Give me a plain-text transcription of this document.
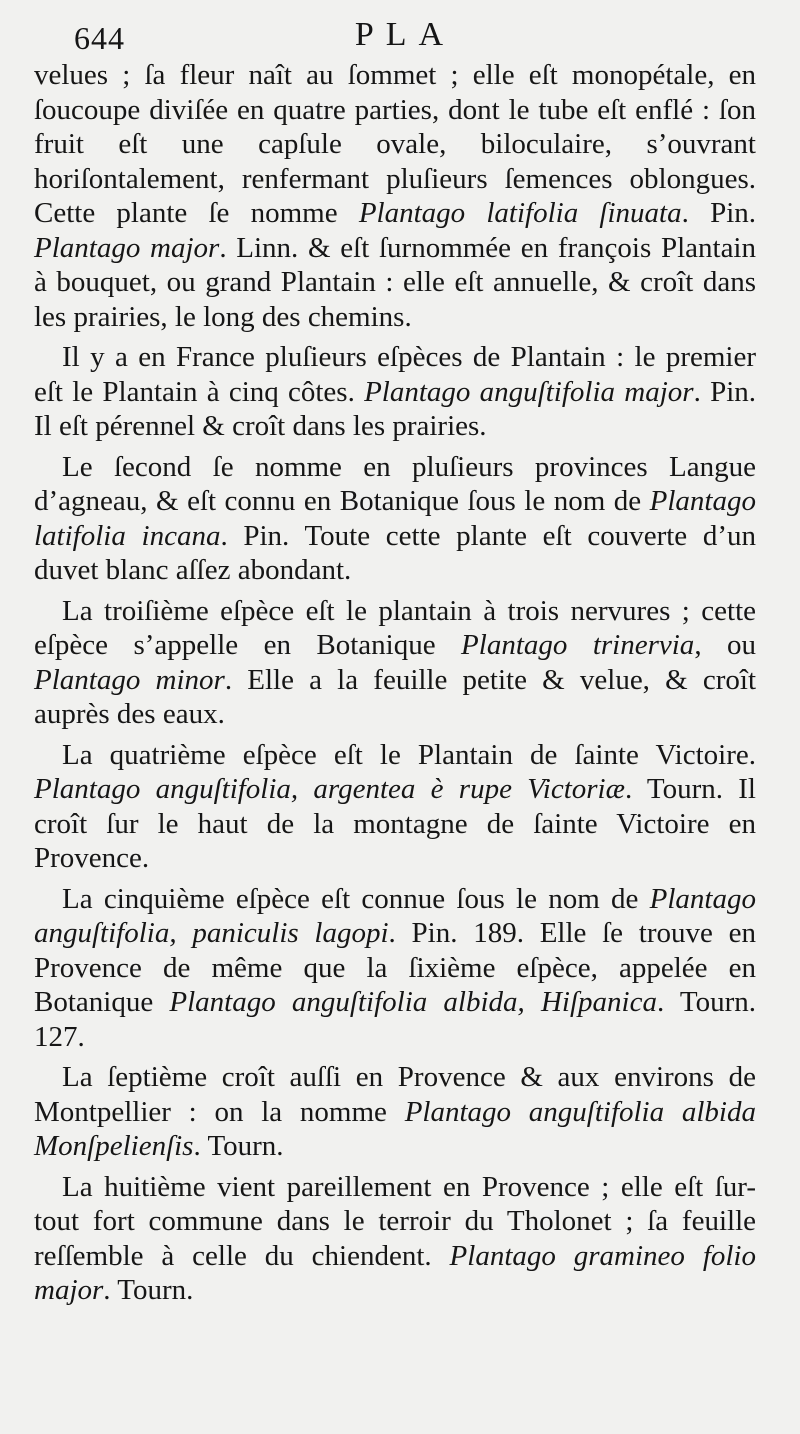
644	PLA

velues ; ſa fleur naît au ſommet ; elle eſt monopétale, en ſoucoupe diviſée en quatre parties, dont le tube eſt enflé : ſon fruit eſt une capſule ovale, biloculaire, s’ouvrant horiſontalement, renfermant pluſieurs ſemences oblongues. Cette plante ſe nomme Plantago latifolia ſinuata. Pin. Plantago major. Linn. & eſt ſurnommée en françois Plantain à bouquet, ou grand Plantain : elle eſt annuelle, & croît dans les prairies, le long des chemins.

Il y a en France pluſieurs eſpèces de Plantain : le premier eſt le Plantain à cinq côtes. Plantago anguſtifolia major. Pin. Il eſt pérennel & croît dans les prairies.

Le ſecond ſe nomme en pluſieurs provinces Langue d’agneau, & eſt connu en Botanique ſous le nom de Plantago latifolia incana. Pin. Toute cette plante eſt couverte d’un duvet blanc aſſez abondant.

La troiſième eſpèce eſt le plantain à trois nervures ; cette eſpèce s’appelle en Botanique Plantago trinervia, ou Plantago minor. Elle a la feuille petite & velue, & croît auprès des eaux.

La quatrième eſpèce eſt le Plantain de ſainte Victoire. Plantago anguſtifolia, argentea è rupe Victoriæ. Tourn. Il croît ſur le haut de la montagne de ſainte Victoire en Provence.

La cinquième eſpèce eſt connue ſous le nom de Plantago anguſtifolia, paniculis lagopi. Pin. 189. Elle ſe trouve en Provence de même que la ſixième eſpèce, appelée en Botanique Plantago anguſtifolia albida, Hiſpanica. Tourn. 127.

La ſeptième croît auſſi en Provence & aux environs de Montpellier : on la nomme Plantago anguſtifolia albida Monſpelienſis. Tourn.

La huitième vient pareillement en Provence ; elle eſt ſur-tout fort commune dans le terroir du Tholonet ; ſa feuille reſſemble à celle du chiendent. Plantago gramineo folio major. Tourn.
